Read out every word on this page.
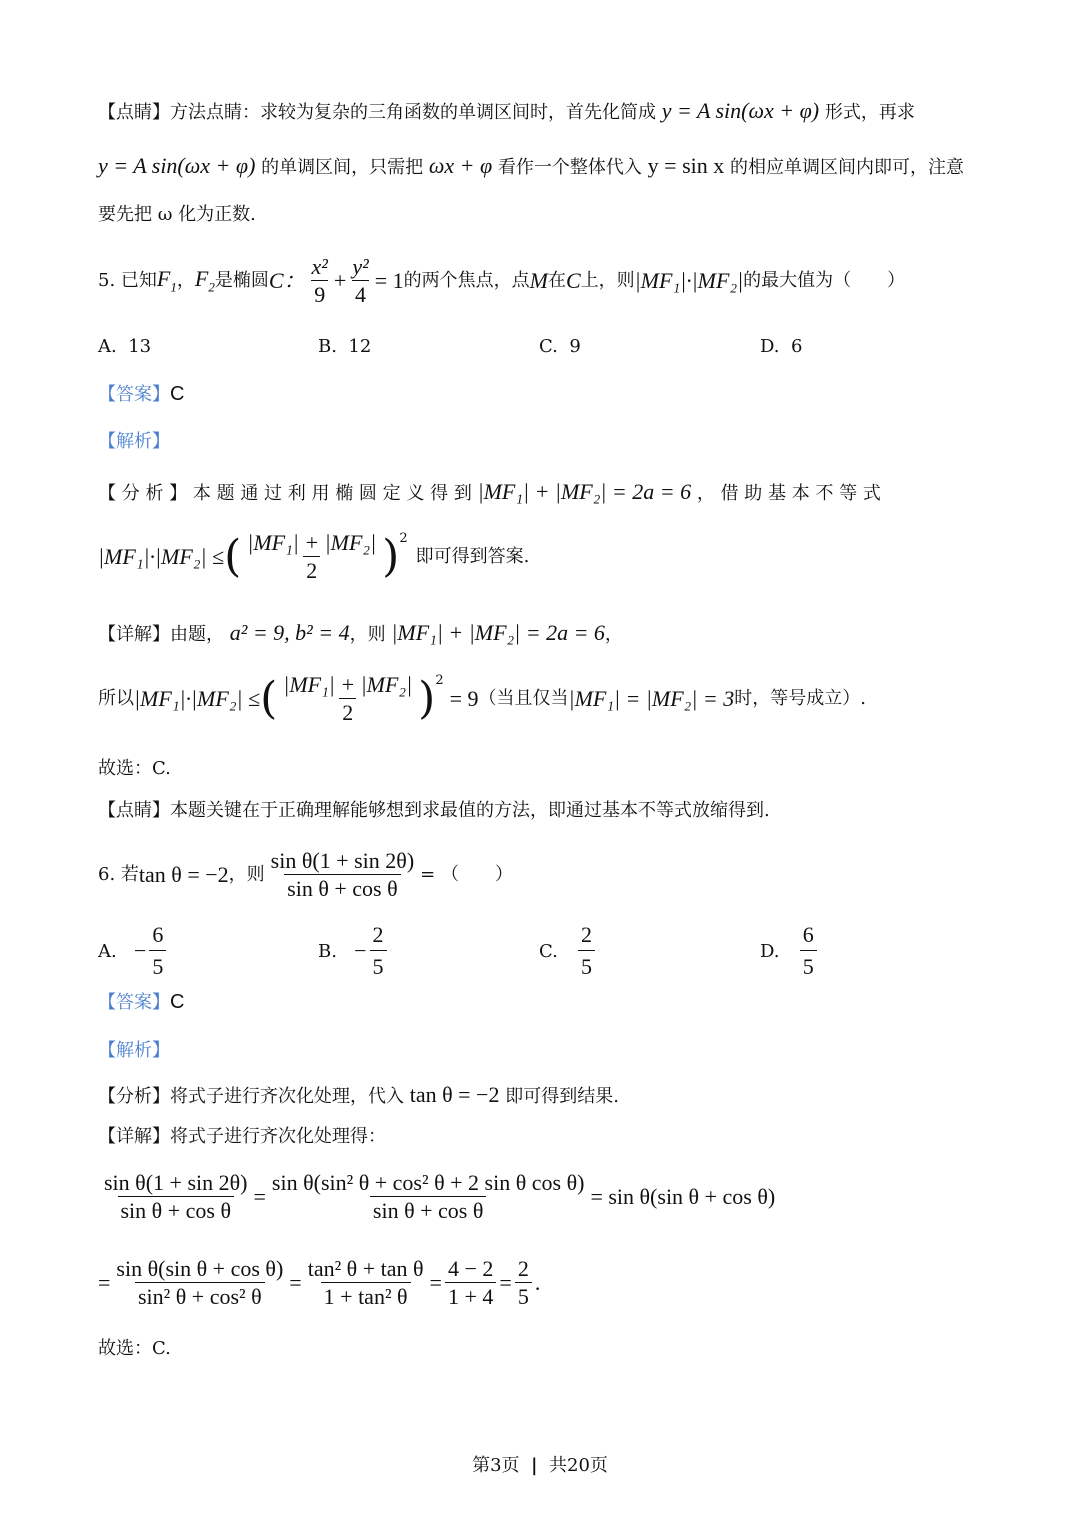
【点睛】方法点睛：求较为复杂的三角函数的单调区间时，首先化简成 y = A sin(ωx + φ) 形式，再求
y = A sin(ωx + φ) 的单调区间，只需把 ωx + φ 看作一个整体代入 y = sin x 的相应单调区间内即可，注意
要先把 ω 化为正数.
5.
已知 $F_1$ ， $F_2$ 是椭圆 C： $\frac{\text{x²}}{9} + \frac{\text{y²}}{4} = 1$ 的两个焦点，点 M 在 C 上，则 |MF₁|·|MF₂| 的最大值为（　　）
A. 13	B. 12	C. 9	D. 6
【答案】C
【解析】
【 分 析 】 本 题 通 过 利 用 椭 圆 定 义 得 到 |MF₁| + |MF₂| = 2a = 6 ， 借 助 基 本 不 等 式
|MF₁|·|MF₂| ≤ ( $\frac{\text{|MF₁| + |MF₂|}}{2} )^2$
即可得到答案.
【详解】由题， a² = 9, b² = 4，则 |MF₁| + |MF₂| = 2a = 6，
所以 |MF₁|·|MF₂| ≤ ( $\frac{\text{|MF₁| + |MF₂|}}{2} )^2$
= 9 （当且仅当 |MF₁| = |MF₂| = 3 时，等号成立）.
故选：C.
【点睛】本题关键在于正确理解能够想到求最值的方法，即通过基本不等式放缩得到.
6.
若 tan θ = −2 ，则 $\frac{\text{sin θ(1 + sin 2θ)}}{\text{sin θ + cos θ}}$ = （　　）
A.
− $\frac{6}{5}$	B.
− $\frac{2}{5}$	C.
$\frac{2}{5}$	D.
$\frac{6}{5}$
【答案】C
【解析】
【分析】将式子进行齐次化处理，代入 tan θ = −2 即可得到结果.
【详解】将式子进行齐次化处理得：
$\frac{\text{sin θ(1 + sin 2θ)}}{\text{sin θ + cos θ}} = \frac{\text{sin θ(sin² θ + cos² θ + 2 sin θ cos θ)}}{\text{sin θ + cos θ}} = \sin \theta(\sin$ θ + cos θ)
= $\frac{\text{sin θ(sin θ + cos θ)}}{\text{sin² θ + cos² θ}} = \frac{\text{tan² θ + tan θ}}{\text{1 + tan² θ}} = \frac{4 - 2}{1 + 4} = \frac{2}{5}$ .
故选：C.
第3页 | 共20页
